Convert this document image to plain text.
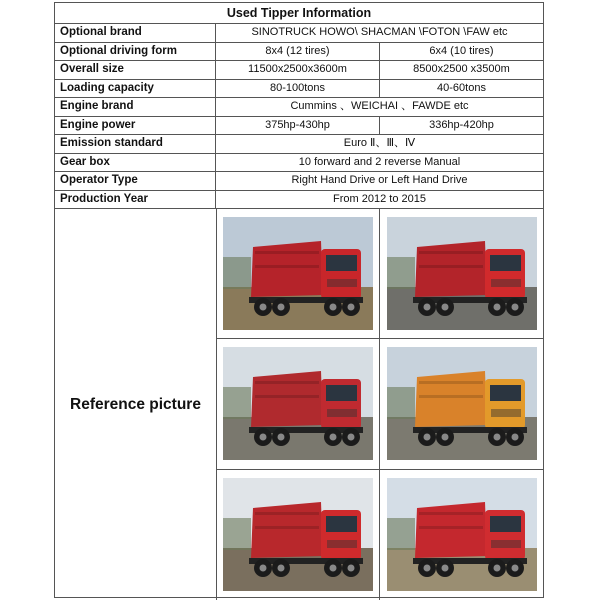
Used Tipper Information
Optional brand	SINOTRUCK HOWO\ SHACMAN \FOTON \FAW etc
Optional driving form	8x4 (12 tires)	6x4 (10 tires)
Overall size	11500x2500x3600m	8500x2500 x3500m
Loading capacity	80-100tons	40-60tons
Engine brand	Cummins 、WEICHAI 、FAWDE etc
Engine power	375hp-430hp	336hp-420hp
Emission standard	Euro Ⅱ、Ⅲ、Ⅳ
Gear box	10 forward and 2 reverse Manual
Operator Type	Right Hand Drive or Left Hand Drive
Production Year	From 2012 to 2015
Reference picture
